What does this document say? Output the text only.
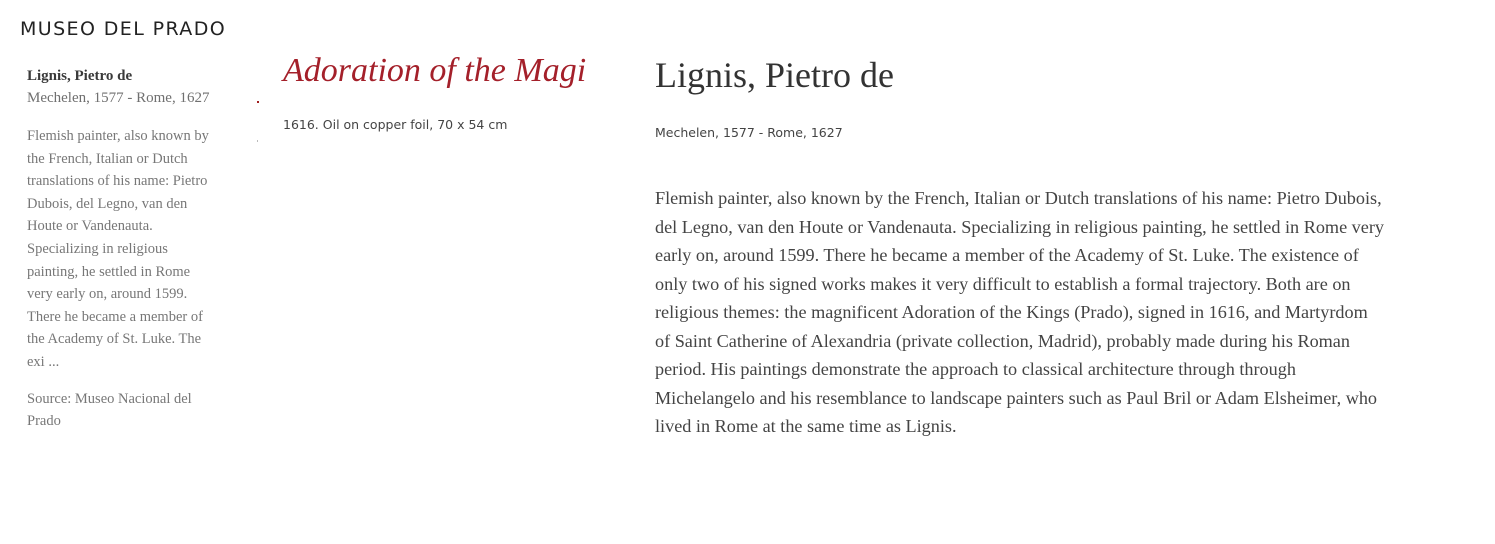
MUSEO DEL PRADO

Lignis, Pietro de

Mechelen, 1577 - Rome, 1627

Flemish painter, also known by the French, Italian or Dutch translations of his name: Pietro Dubois, del Legno, van den Houte or Vandenauta. Specializing in religious painting, he settled in Rome very early on, around 1599. There he became a member of the Academy of St. Luke. The exi ...

Source: Museo Nacional del Prado

Adoration of the Magi
1616. Oil on copper foil, 70 x 54 cm
Lignis, Pietro de
Mechelen, 1577 - Rome, 1627

Flemish painter, also known by the French, Italian or Dutch translations of his name: Pietro Dubois, del Legno, van den Houte or Vandenauta. Specializing in religious painting, he settled in Rome very early on, around 1599. There he became a member of the Academy of St. Luke. The existence of only two of his signed works makes it very difficult to establish a formal trajectory. Both are on religious themes: the magnificent Adoration of the Kings (Prado), signed in 1616, and Martyrdom of Saint Catherine of Alexandria (private collection, Madrid), probably made during his Roman period. His paintings demonstrate the approach to classical architecture through through Michelangelo and his resemblance to landscape painters such as Paul Bril or Adam Elsheimer, who lived in Rome at the same time as Lignis.
